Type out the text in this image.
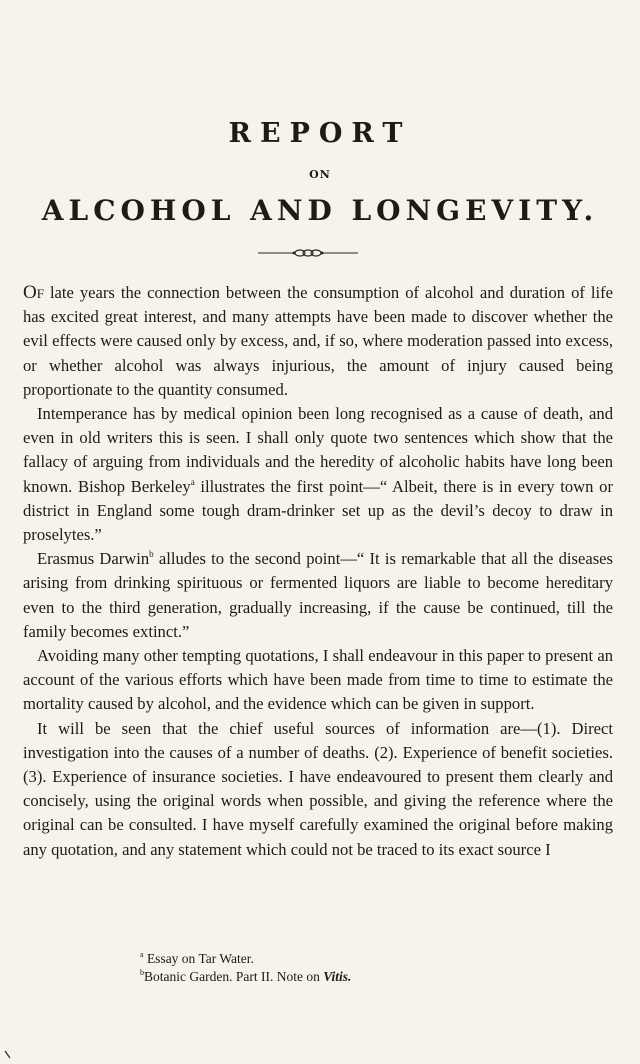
REPORT
ON
ALCOHOL AND LONGEVITY.

Of late years the connection between the consumption of alcohol and duration of life has excited great interest, and many attempts have been made to discover whether the evil effects were caused only by excess, and, if so, where moderation passed into excess, or whether alcohol was always injurious, the amount of injury caused being proportionate to the quantity consumed.

Intemperance has by medical opinion been long recognised as a cause of death, and even in old writers this is seen. I shall only quote two sentences which show that the fallacy of arguing from individuals and the heredity of alcoholic habits have long been known. Bishop Berkeley$^a$ illustrates the first point—“ Albeit, there is in every town or district in England some tough dram-drinker set up as the devil’s decoy to draw in proselytes.”

Erasmus Darwin$^b$ alludes to the second point—“ It is remarkable that all the diseases arising from drinking spirituous or fermented liquors are liable to become hereditary even to the third generation, gradually increasing, if the cause be continued, till the family becomes extinct.”

Avoiding many other tempting quotations, I shall endeavour in this paper to present an account of the various efforts which have been made from time to time to estimate the mortality caused by alcohol, and the evidence which can be given in support.

It will be seen that the chief useful sources of information are—(1). Direct investigation into the causes of a number of deaths. (2). Experience of benefit societies. (3). Experience of insurance societies. I have endeavoured to present them clearly and concisely, using the original words when possible, and giving the reference where the original can be consulted. I have myself carefully examined the original before making any quotation, and any statement which could not be traced to its exact source I

$^a$ Essay on Tar Water.
$^b$Botanic Garden. Part II. Note on Vitis.
